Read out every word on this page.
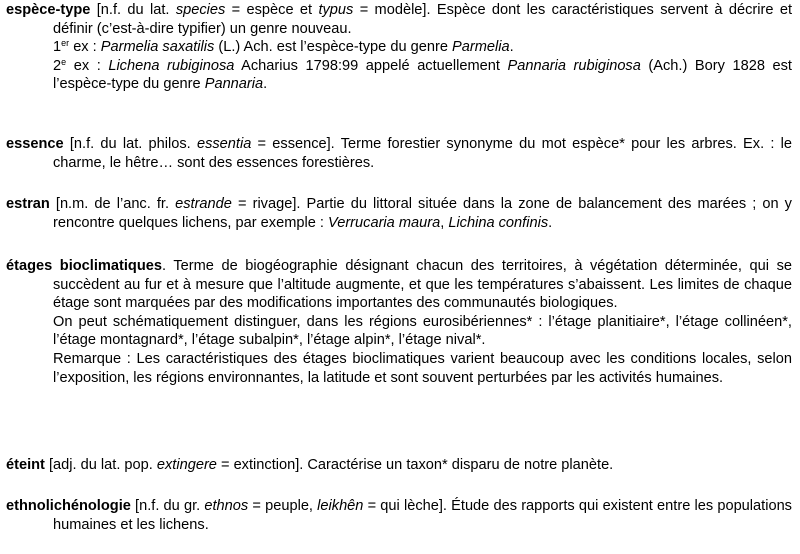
espèce-type [n.f. du lat. species = espèce et typus = modèle]. Espèce dont les caractéristiques servent à décrire et définir (c’est-à-dire typifier) un genre nouveau.

1er ex : Parmelia saxatilis (L.) Ach. est l’espèce-type du genre Parmelia.

2e ex : Lichena rubiginosa Acharius 1798:99 appelé actuellement Pannaria rubiginosa (Ach.) Bory 1828 est l’espèce-type du genre Pannaria.

essence [n.f. du lat. philos. essentia = essence]. Terme forestier synonyme du mot espèce* pour les arbres. Ex. : le charme, le hêtre… sont des essences forestières.

estran [n.m. de l’anc. fr. estrande = rivage]. Partie du littoral située dans la zone de balancement des marées ; on y rencontre quelques lichens, par exemple : Verrucaria maura, Lichina confinis.

étages bioclimatiques. Terme de biogéographie désignant chacun des territoires, à végétation déterminée, qui se succèdent au fur et à mesure que l’altitude augmente, et que les températures s’abaissent. Les limites de chaque étage sont marquées par des modifications importantes des communautés biologiques.

On peut schématiquement distinguer, dans les régions eurosibériennes* : l’étage planitiaire*, l’étage collinéen*, l’étage montagnard*, l’étage subalpin*, l’étage alpin*, l’étage nival*.

Remarque : Les caractéristiques des étages bioclimatiques varient beaucoup avec les conditions locales, selon l’exposition, les régions environnantes, la latitude et sont souvent perturbées par les activités humaines.

éteint [adj. du lat. pop. extingere = extinction]. Caractérise un taxon* disparu de notre planète.

ethnolichénologie [n.f. du gr. ethnos = peuple, leikhên = qui lèche]. Étude des rapports qui existent entre les populations humaines et les lichens.
